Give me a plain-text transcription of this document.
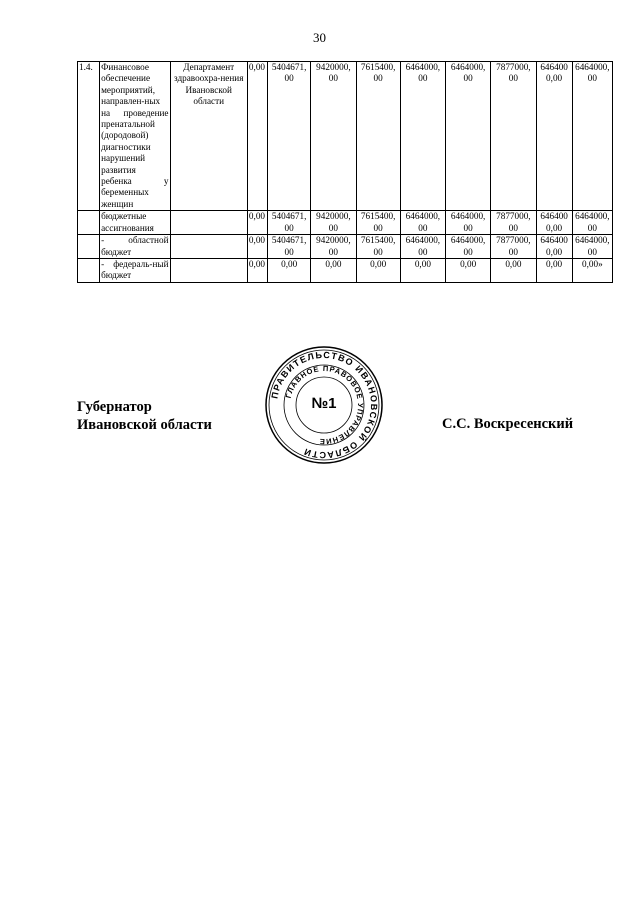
30
1.4.	Финансовое обеспечение мероприятий, направлен-ных на проведение пренатальной (дородовой) диагностики нарушений развития ребенка у беременных женщин	Департамент здравоохра-нения Ивановской области	0,00	5404671, 00	9420000, 00	7615400, 00	6464000, 00	6464000, 00	7877000, 00	646400 0,00	6464000, 00
	бюджетные ассигнования		0,00	5404671, 00	9420000, 00	7615400, 00	6464000, 00	6464000, 00	7877000, 00	646400 0,00	6464000, 00
	- областной бюджет		0,00	5404671, 00	9420000, 00	7615400, 00	6464000, 00	6464000, 00	7877000, 00	646400 0,00	6464000, 00
	- федераль-ный бюджет		0,00	0,00	0,00	0,00	0,00	0,00	0,00	0,00	0,00»
ПРАВИТЕЛЬСТВО ИВАНОВСКОЙ ОБЛАСТИ
ГЛАВНОЕ ПРАВОВОЕ УПРАВЛЕНИЕ
№1
Губернатор
Ивановской области	С.С. Воскресенский
